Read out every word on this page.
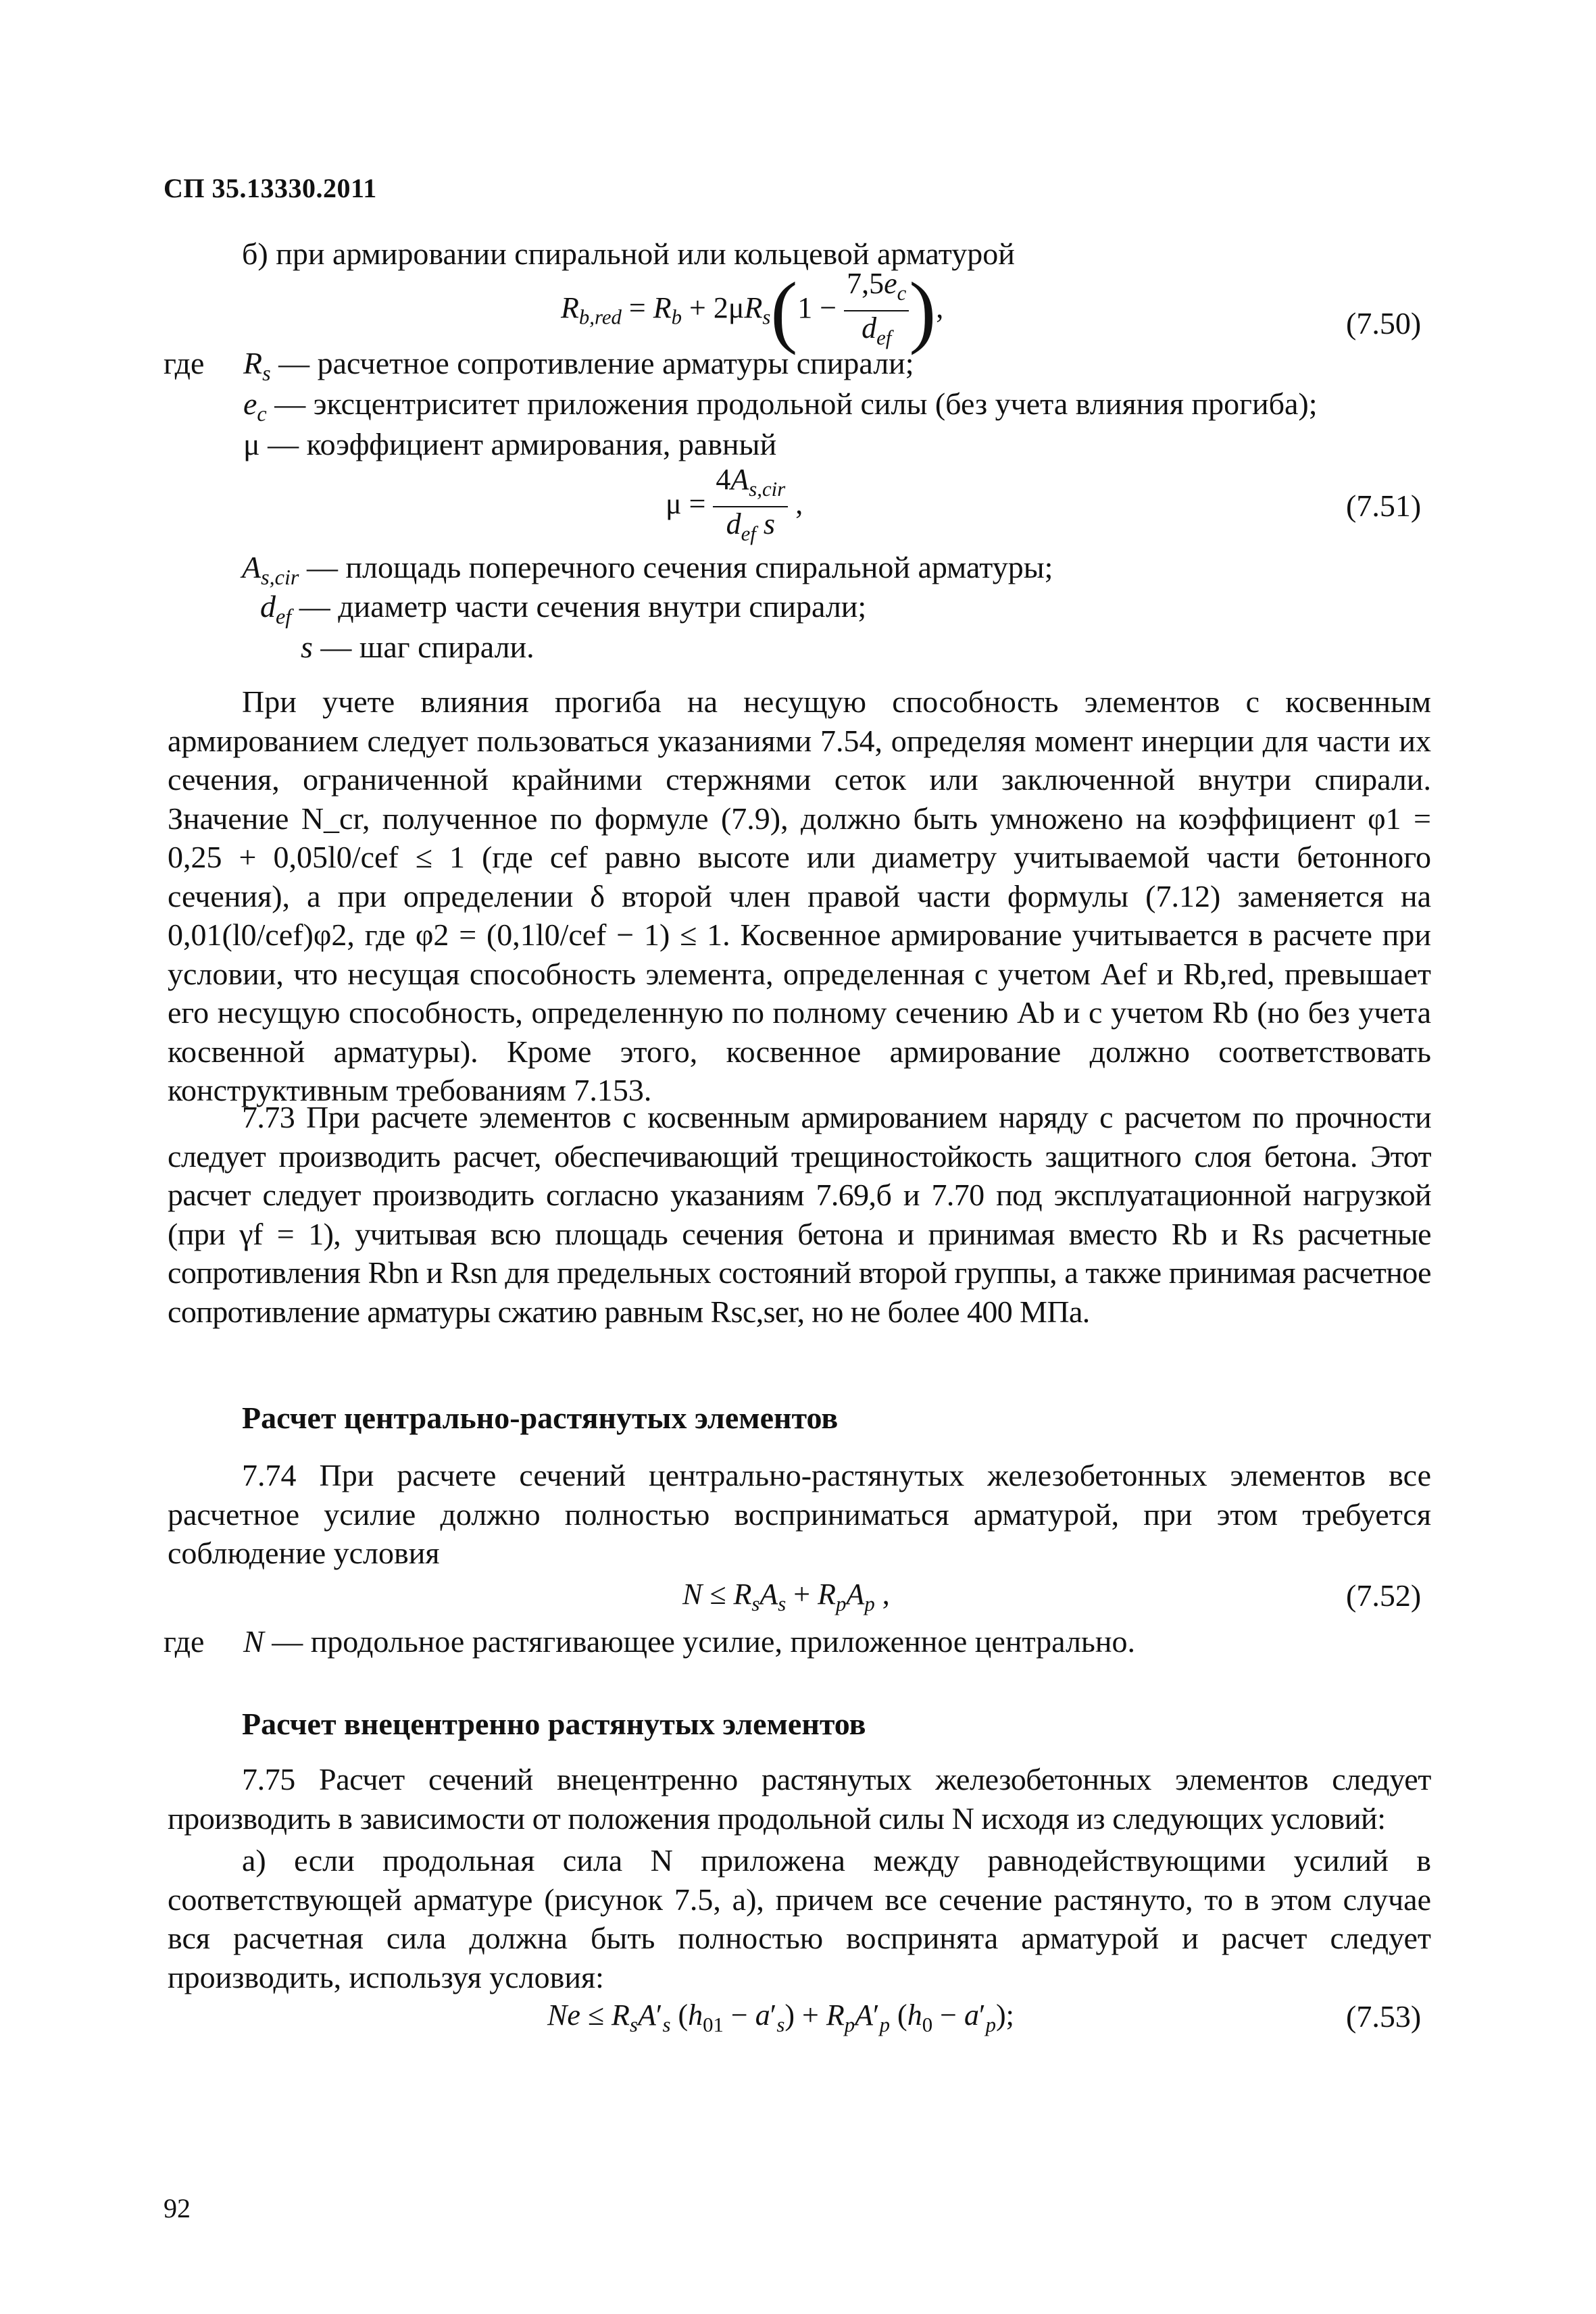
СП 35.13330.2011
б) при армировании спиральной или кольцевой арматурой
$R_{b,red} = R_b + 2\mu R_s(1 - \frac{7,5e_c}{d_{ef}}$ ),	(7.50)
где $R_s$ — расчетное сопротивление арматуры спирали;
$e_c$ — эксцентриситет приложения продольной силы (без учета влияния прогиба);
μ — коэффициент армирования, равный
$\mu = \frac{4A_{s,cir}}{d_{ef} s}$ ,	(7.51)
$A_{s,cir}$ — площадь поперечного сечения спиральной арматуры;
$d_{ef}$ — диаметр части сечения внутри спирали;
s — шаг спирали.
При учете влияния прогиба на несущую способность элементов с косвенным армированием следует пользоваться указаниями 7.54, определяя момент инерции для части их сечения, ограниченной крайними стержнями сеток или заключенной внутри спирали. Значение N_cr, полученное по формуле (7.9), должно быть умножено на коэффициент φ1 = 0,25 + 0,05l0/cef ≤ 1 (где cef равно высоте или диаметру учитываемой части бетонного сечения), а при определении δ второй член правой части формулы (7.12) заменяется на 0,01(l0/cef)φ2, где φ2 = (0,1l0/cef − 1) ≤ 1. Косвенное армирование учитывается в расчете при условии, что несущая способность элемента, определенная с учетом Aef и Rb,red, превышает его несущую способность, определенную по полному сечению Ab и с учетом Rb (но без учета косвенной арматуры). Кроме этого, косвенное армирование должно соответствовать конструктивным требованиям 7.153.
7.73 При расчете элементов с косвенным армированием наряду с расчетом по прочности следует производить расчет, обеспечивающий трещиностойкость защитного слоя бетона. Этот расчет следует производить согласно указаниям 7.69,б и 7.70 под эксплуатационной нагрузкой (при γf = 1), учитывая всю площадь сечения бетона и принимая вместо Rb и Rs расчетные сопротивления Rbn и Rsn для предельных состояний второй группы, а также принимая расчетное сопротивление арматуры сжатию равным Rsc,ser, но не более 400 МПа.
Расчет центрально-растянутых элементов
7.74 При расчете сечений центрально-растянутых железобетонных элементов все расчетное усилие должно полностью восприниматься арматурой, при этом требуется соблюдение условия
$N \le R_sA_s + R_pA_p$ ,	(7.52)
где N — продольное растягивающее усилие, приложенное центрально.
Расчет внецентренно растянутых элементов
7.75 Расчет сечений внецентренно растянутых железобетонных элементов следует производить в зависимости от положения продольной силы N исходя из следующих условий:
а) если продольная сила N приложена между равнодействующими усилий в соответствующей арматуре (рисунок 7.5, а), причем все сечение растянуто, то в этом случае вся расчетная сила должна быть полностью воспринята арматурой и расчет следует производить, используя условия:
$Ne \le R_sA'_s$ $(h_{01} - a'_s) + R_pA'_p$ $(h_0 - a'_p)$;	(7.53)
92
